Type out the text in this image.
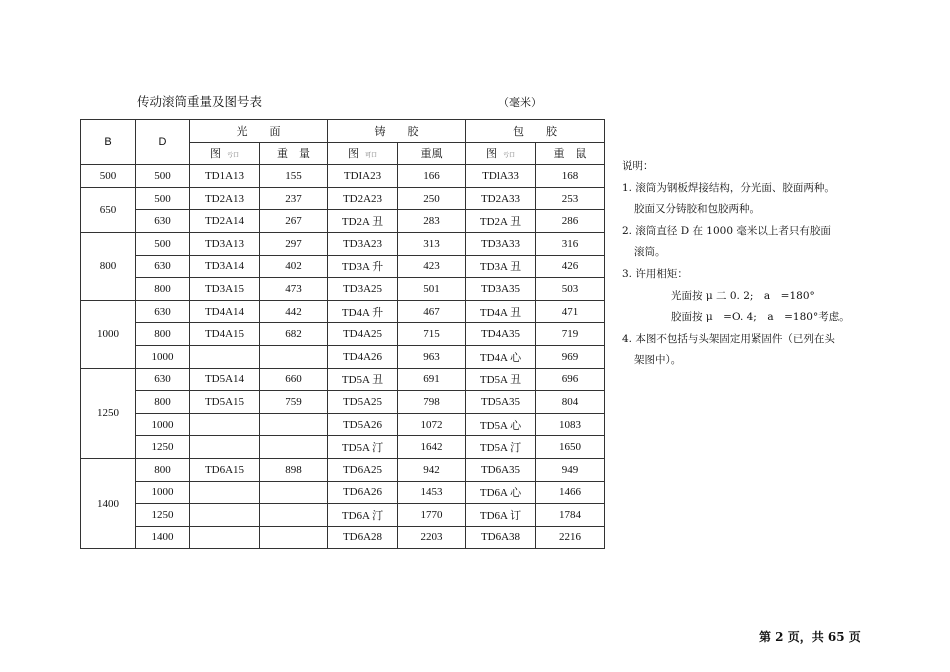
传动滚筒重量及图号表	（毫米）
B	D	光　　面		铸　　胶		包　　胶	
		图 亏口	重　量	图 可口	重風	图 亏口	重　鼠
500	500	TD1A13	155	TDIA23	166	TDlA33	168
650	500	TD2A13	237	TD2A23	250	TD2A33	253
	630	TD2A14	267	TD2A 丑	283	TD2A 丑	286
800	500	TD3A13	297	TD3A23	313	TD3A33	316
	630	TD3A14	402	TD3A 升	423	TD3A 丑	426
	800	TD3A15	473	TD3A25	501	TD3A35	503
1000	630	TD4A14	442	TD4A 升	467	TD4A 丑	471
	800	TD4A15	682	TD4A25	715	TD4A35	719
	1000			TD4A26	963	TD4A 心	969
1250	630	TD5A14	660	TD5A 丑	691	TD5A 丑	696
	800	TD5A15	759	TD5A25	798	TD5A35	804
	1000			TD5A26	1072	TD5A 心	1083
	1250			TD5A 汀	1642	TD5A 汀	1650
1400	800	TD6A15	898	TD6A25	942	TD6A35	949
	1000			TD6A26	1453	TD6A 心	1466
	1250			TD6A 汀	1770	TD6A 订	1784
	1400			TD6A28	2203	TD6A38	2216
说明：
1. 滚筒为钢板焊接结构，分光面、胶面两种。
胶面又分铸胶和包胶两种。
2. 滚筒直径 D 在 1000 毫米以上者只有胶面
滚筒。
3. 许用相矩：
光面按 μ 二 0. 2;　a　=180°
胶面按 μ　=O. 4;　a　=180°考虑。
4. 本图不包括与头架固定用紧固件（已列在头
架图中）。
第 2 页，共 65 页
